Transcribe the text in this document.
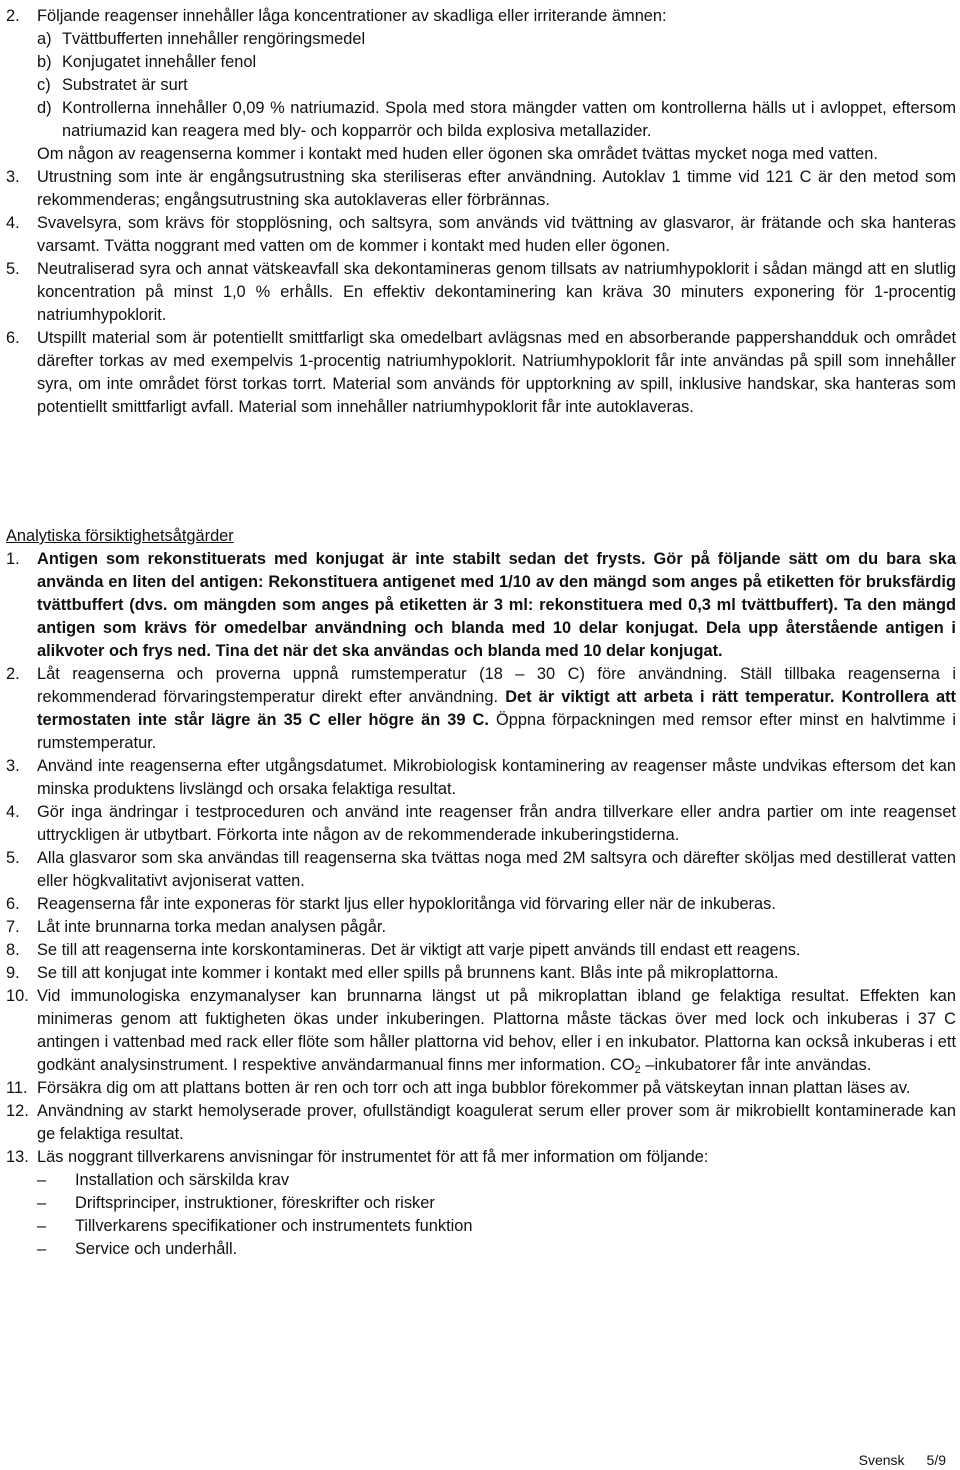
2.	Följande reagenser innehåller låga koncentrationer av skadliga eller irriterande ämnen:
a) Tvättbufferten innehåller rengöringsmedel
b) Konjugatet innehåller fenol
c) Substratet är surt
d) Kontrollerna innehåller 0,09 % natriumazid. Spola med stora mängder vatten om kontrollerna hälls ut i avloppet, eftersom natriumazid kan reagera med bly- och kopparrör och bilda explosiva metallazider.
Om någon av reagenserna kommer i kontakt med huden eller ögonen ska området tvättas mycket noga med vatten.
3.	Utrustning som inte är engångsutrustning ska steriliseras efter användning. Autoklav 1 timme vid 121 C är den metod som rekommenderas; engångsutrustning ska autoklaveras eller förbrännas.
4.	Svavelsyra, som krävs för stopplösning, och saltsyra, som används vid tvättning av glasvaror, är frätande och ska hanteras varsamt. Tvätta noggrant med vatten om de kommer i kontakt med huden eller ögonen.
5.	Neutraliserad syra och annat vätskeavfall ska dekontamineras genom tillsats av natriumhypoklorit i sådan mängd att en slutlig koncentration på minst 1,0 % erhålls. En effektiv dekontaminering kan kräva 30 minuters exponering för 1-procentig natriumhypoklorit.
6.	Utspillt material som är potentiellt smittfarligt ska omedelbart avlägsnas med en absorberande pappershandduk och området därefter torkas av med exempelvis 1-procentig natriumhypoklorit. Natriumhypoklorit får inte användas på spill som innehåller syra, om inte området först torkas torrt. Material som används för upptorkning av spill, inklusive handskar, ska hanteras som potentiellt smittfarligt avfall. Material som innehåller natriumhypoklorit får inte autoklaveras.
Analytiska försiktighetsåtgärder
1.	Antigen som rekonstituerats med konjugat är inte stabilt sedan det frysts. Gör på följande sätt om du bara ska använda en liten del antigen: Rekonstituera antigenet med 1/10 av den mängd som anges på etiketten för bruksfärdig tvättbuffert (dvs. om mängden som anges på etiketten är 3 ml: rekonstituera med 0,3 ml tvättbuffert). Ta den mängd antigen som krävs för omedelbar användning och blanda med 10 delar konjugat. Dela upp återstående antigen i alikvoter och frys ned. Tina det när det ska användas och blanda med 10 delar konjugat.
2.	Låt reagenserna och proverna uppnå rumstemperatur (18 – 30 C) före användning. Ställ tillbaka reagenserna i rekommenderad förvaringstemperatur direkt efter användning. Det är viktigt att arbeta i rätt temperatur. Kontrollera att termostaten inte står lägre än 35 C eller högre än 39 C. Öppna förpackningen med remsor efter minst en halvtimme i rumstemperatur.
3.	Använd inte reagenserna efter utgångsdatumet. Mikrobiologisk kontaminering av reagenser måste undvikas eftersom det kan minska produktens livslängd och orsaka felaktiga resultat.
4.	Gör inga ändringar i testproceduren och använd inte reagenser från andra tillverkare eller andra partier om inte reagenset uttryckligen är utbytbart. Förkorta inte någon av de rekommenderade inkuberingstiderna.
5.	Alla glasvaror som ska användas till reagenserna ska tvättas noga med 2M saltsyra och därefter sköljas med destillerat vatten eller högkvalitativt avjoniserat vatten.
6.	Reagenserna får inte exponeras för starkt ljus eller hypokloritånga vid förvaring eller när de inkuberas.
7.	Låt inte brunnarna torka medan analysen pågår.
8.	Se till att reagenserna inte korskontamineras. Det är viktigt att varje pipett används till endast ett reagens.
9.	Se till att konjugat inte kommer i kontakt med eller spills på brunnens kant. Blås inte på mikroplattorna.
10. Vid immunologiska enzymanalyser kan brunnarna längst ut på mikroplattan ibland ge felaktiga resultat. Effekten kan minimeras genom att fuktigheten ökas under inkuberingen. Plattorna måste täckas över med lock och inkuberas i 37 C antingen i vattenbad med rack eller flöte som håller plattorna vid behov, eller i en inkubator. Plattorna kan också inkuberas i ett godkänt analysinstrument. I respektive användarmanual finns mer information. $CO_2$ –inkubatorer får inte användas.
11. Försäkra dig om att plattans botten är ren och torr och att inga bubblor förekommer på vätskeytan innan plattan läses av.
12. Användning av starkt hemolyserade prover, ofullständigt koagulerat serum eller prover som är mikrobiellt kontaminerade kan ge felaktiga resultat.
13. Läs noggrant tillverkarens anvisningar för instrumentet för att få mer information om följande:
–	Installation och särskilda krav
–	Driftsprinciper, instruktioner, föreskrifter och risker
–	Tillverkarens specifikationer och instrumentets funktion
–	Service och underhåll.
Svensk 5/9
